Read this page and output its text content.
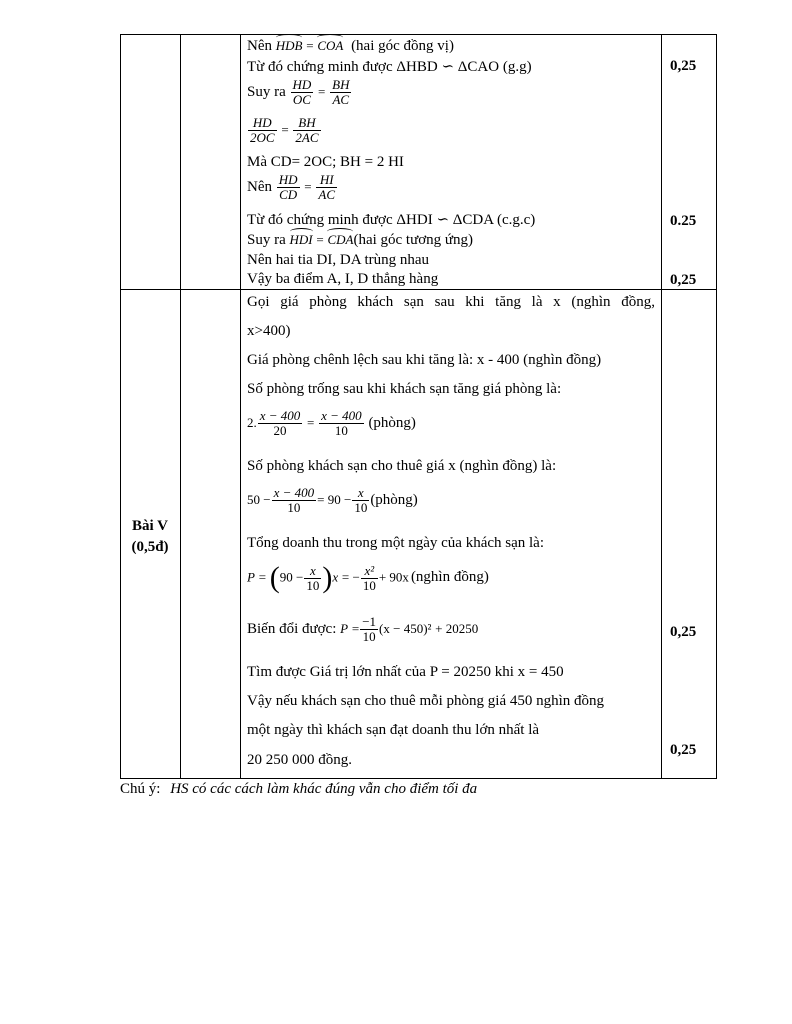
Nên HDB = COA (hai góc đồng vị)
Từ đó chứng minh được ΔHBD ∽ ΔCAO (g.g)
Suy ra $\frac{HD}{OC} = \frac{BH}{AC}$
$\frac{HD}{2OC} = \frac{BH}{2AC}$
Mà CD= 2OC; BH = 2 HI
Nên $\frac{HD}{CD} = \frac{HI}{AC}$
Từ đó chứng minh được ΔHDI ∽ ΔCDA (c.g.c)
Suy ra HDI = CDA(hai góc tương ứng)
Nên hai tia DI, DA trùng nhau
Vậy ba điểm A, I, D thẳng hàng
0,25
0.25
0,25
Bài V
(0,5đ)
Gọi giá phòng khách sạn sau khi tăng là x (nghìn đồng,
x>400)
Giá phòng chênh lệch sau khi tăng là: x - 400 (nghìn đồng)
Số phòng trống sau khi khách sạn tăng giá phòng là:
2. $\frac{x - 400}{20} = \frac{x - 400}{10}$ (phòng)
Số phòng khách sạn cho thuê giá x (nghìn đồng) là:
$50 - \frac{x - 400}{10} = 90 - \frac{x}{10}$ (phòng)
Tổng doanh thu trong một ngày của khách sạn là:
$P = (90 - \frac{x}{10} )x$ = − $\frac{\text{x²}}{10} + 90x$ (nghìn đồng)
Biến đổi được: $P = \frac{-1}{10} (x - 450)^2 + 20250$
Tìm được Giá trị lớn nhất của P = 20250 khi x = 450
Vậy nếu khách sạn cho thuê mỗi phòng giá 450 nghìn đồng
một ngày thì khách sạn đạt doanh thu lớn nhất là
20 250 000 đồng.
0,25
0,25
Chú ý: HS có các cách làm khác đúng vẫn cho điểm tối đa
